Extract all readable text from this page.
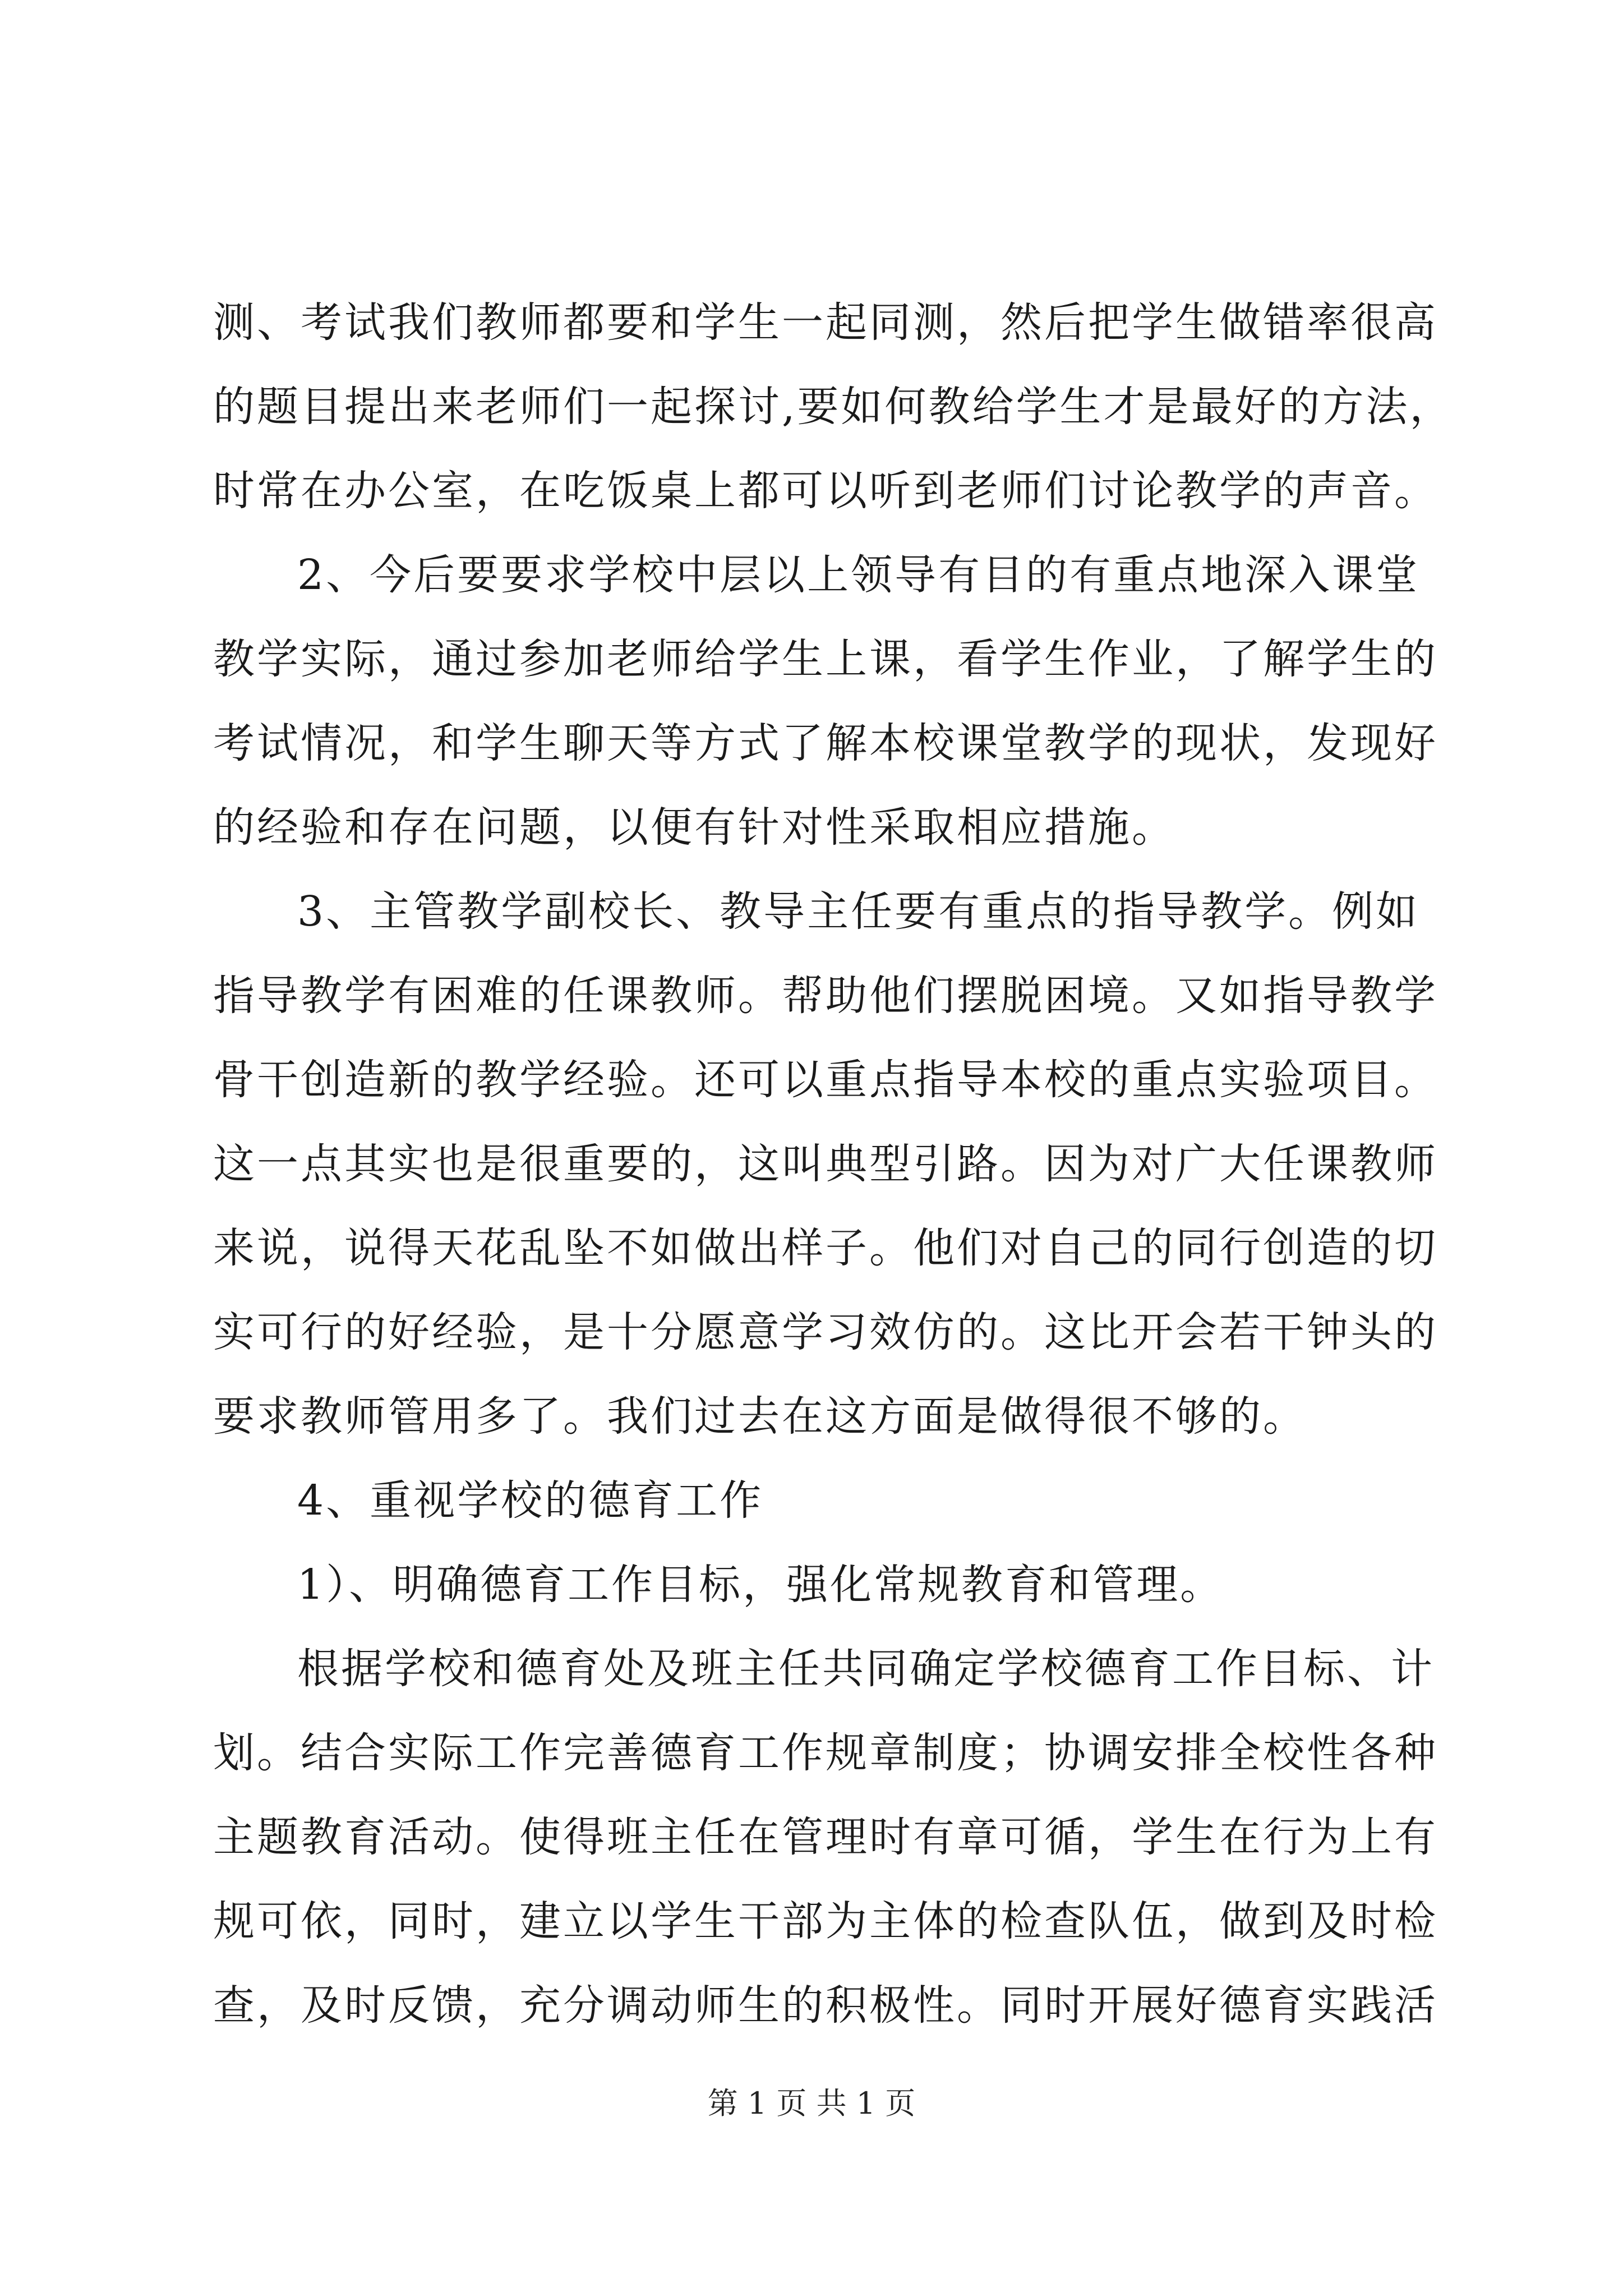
测、考试我们教师都要和学生一起同测，然后把学生做错率很高
的题目提出来老师们一起探讨,要如何教给学生才是最好的方法，
时常在办公室，在吃饭桌上都可以听到老师们讨论教学的声音。
2、今后要要求学校中层以上领导有目的有重点地深入课堂
教学实际，通过参加老师给学生上课，看学生作业，了解学生的
考试情况，和学生聊天等方式了解本校课堂教学的现状，发现好
的经验和存在问题，以便有针对性采取相应措施。
3、主管教学副校长、教导主任要有重点的指导教学。例如
指导教学有困难的任课教师。帮助他们摆脱困境。又如指导教学
骨干创造新的教学经验。还可以重点指导本校的重点实验项目。
这一点其实也是很重要的，这叫典型引路。因为对广大任课教师
来说，说得天花乱坠不如做出样子。他们对自己的同行创造的切
实可行的好经验，是十分愿意学习效仿的。这比开会若干钟头的
要求教师管用多了。我们过去在这方面是做得很不够的。
4、重视学校的德育工作
1）、明确德育工作目标，强化常规教育和管理。
根据学校和德育处及班主任共同确定学校德育工作目标、计
划。结合实际工作完善德育工作规章制度；协调安排全校性各种
主题教育活动。使得班主任在管理时有章可循，学生在行为上有
规可依，同时，建立以学生干部为主体的检查队伍，做到及时检
查，及时反馈，充分调动师生的积极性。同时开展好德育实践活
第 1 页 共 1 页
